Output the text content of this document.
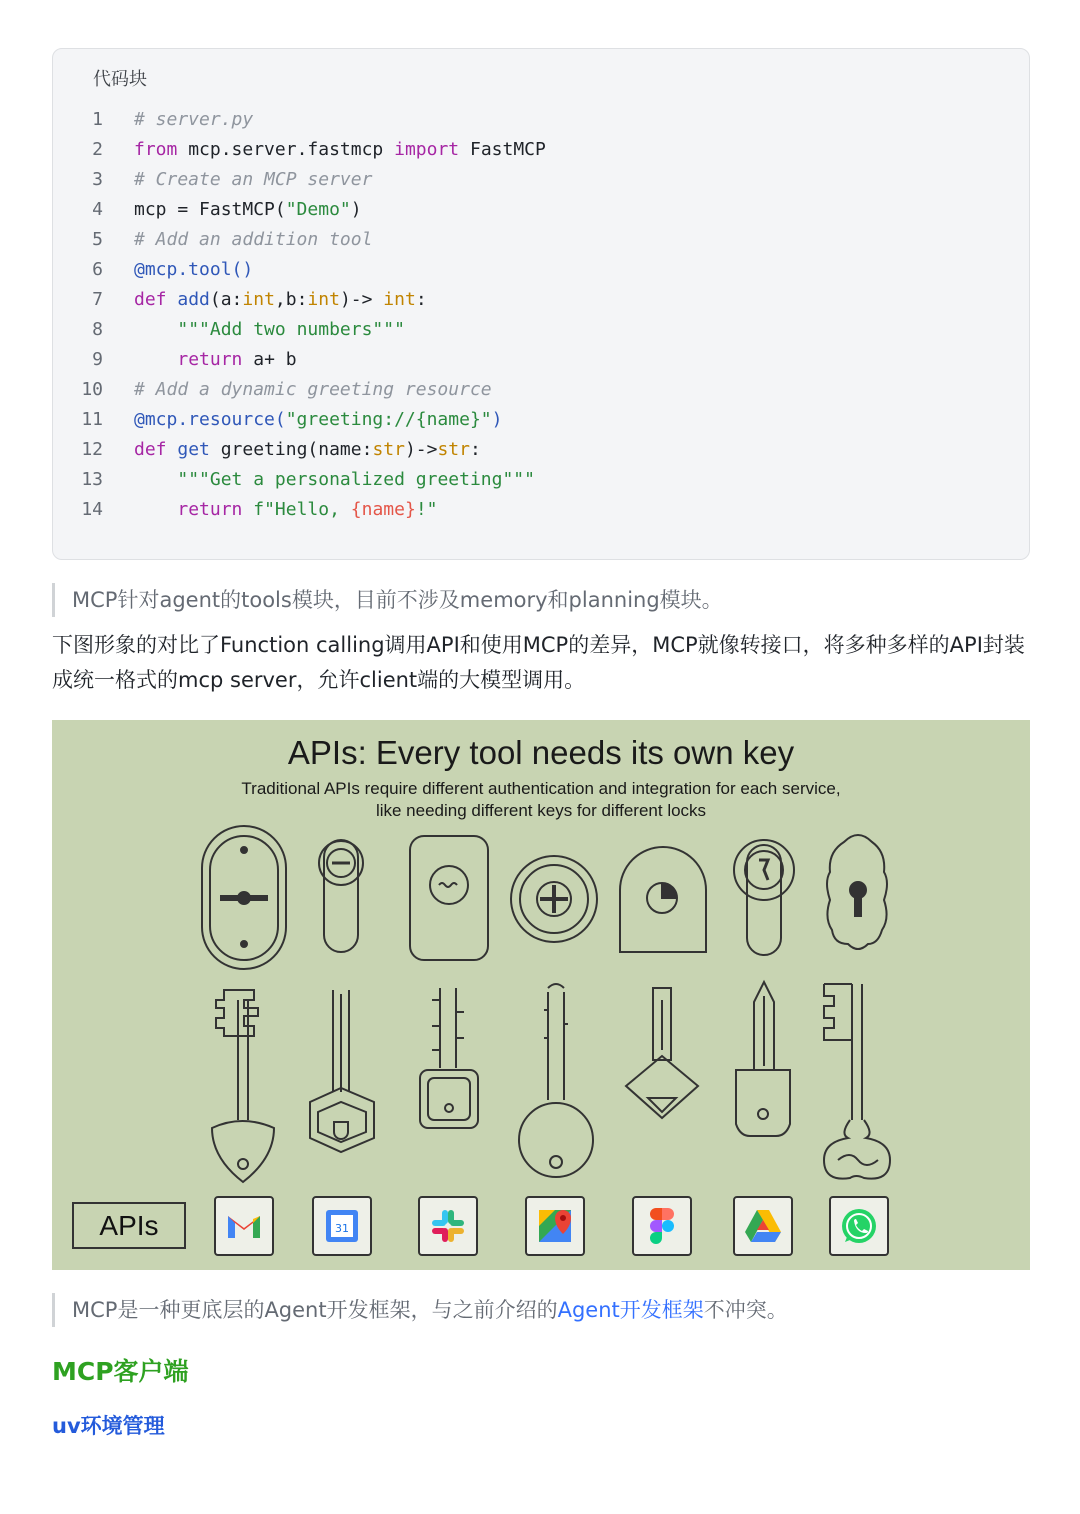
代码块
1 # server.py
2 from mcp.server.fastmcp import FastMCP
3 # Create an MCP server
4 mcp = FastMCP("Demo")
5 # Add an addition tool
6 @mcp.tool()
7 def add(a:int,b:int)-> int:
8	"""Add two numbers"""
9	return a+ b
10 # Add a dynamic greeting resource
11 @mcp.resource("greeting://{name}")
12 def get greeting(name:str)->str:
13	"""Get a personalized greeting"""
14	return f"Hello, {name}!"
MCP针对agent的tools模块，目前不涉及memory和planning模块。
下图形象的对比了Function calling调用API和使用MCP的差异，MCP就像转接口，将多种多样的API封装成统一格式的mcp server，允许client端的大模型调用。
APIs: Every tool needs its own key
Traditional APIs require different authentication and integration for each service,
like needing different keys for different locks
APIs	31
MCP是一种更底层的Agent开发框架，与之前介绍的Agent开发框架不冲突。
MCP客户端
uv环境管理
